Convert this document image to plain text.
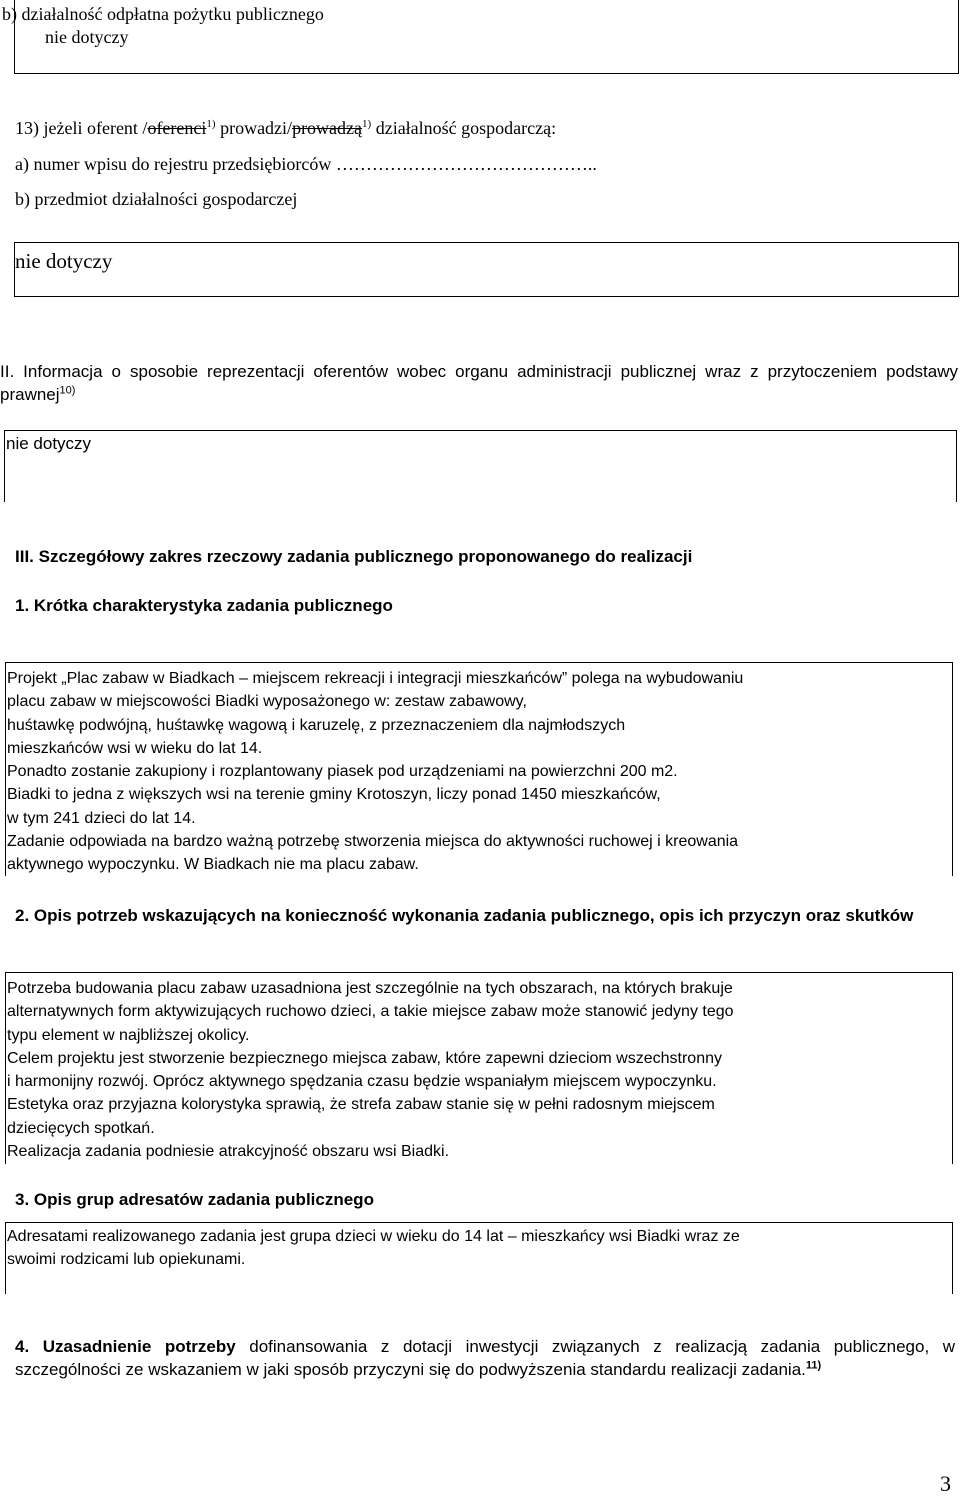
b) działalność odpłatna pożytku publicznego
nie dotyczy
13) jeżeli oferent /oferenci$^{1)}$ prowadzi/prowadzą$^{1)}$ działalność gospodarczą:
a) numer wpisu do rejestru przedsiębiorców ……………………………………..
b) przedmiot działalności gospodarczej
nie dotyczy
II. Informacja o sposobie reprezentacji oferentów wobec organu administracji publicznej wraz z przytoczeniem podstawy prawnej$^{10)}$
nie dotyczy
III. Szczegółowy zakres rzeczowy zadania publicznego proponowanego do realizacji
1. Krótka charakterystyka zadania publicznego
Projekt „Plac zabaw w Biadkach – miejscem rekreacji i integracji mieszkańców” polega na wybudowaniu
placu zabaw w miejscowości Biadki wyposażonego w: zestaw zabawowy,
huśtawkę podwójną, huśtawkę wagową i karuzelę, z przeznaczeniem dla najmłodszych
mieszkańców wsi w wieku do lat 14.
Ponadto zostanie zakupiony i rozplantowany piasek pod urządzeniami na powierzchni 200 m2.
Biadki to jedna z większych wsi na terenie gminy Krotoszyn, liczy ponad 1450 mieszkańców,
w tym 241 dzieci do lat 14.
Zadanie odpowiada na bardzo ważną potrzebę stworzenia miejsca do aktywności ruchowej i kreowania
aktywnego wypoczynku. W Biadkach nie ma placu zabaw.
2. Opis potrzeb wskazujących na konieczność wykonania zadania publicznego, opis ich przyczyn oraz skutków
Potrzeba budowania placu zabaw uzasadniona jest szczególnie na tych obszarach, na których brakuje
alternatywnych form aktywizujących ruchowo dzieci, a takie miejsce zabaw może stanowić jedyny tego
typu element w najbliższej okolicy.
Celem projektu jest stworzenie bezpiecznego miejsca zabaw, które zapewni dzieciom wszechstronny
i harmonijny rozwój. Oprócz aktywnego spędzania czasu będzie wspaniałym miejscem wypoczynku.
Estetyka oraz przyjazna kolorystyka sprawią, że strefa zabaw stanie się w pełni radosnym miejscem
dziecięcych spotkań.
Realizacja zadania podniesie atrakcyjność obszaru wsi Biadki.
3. Opis grup adresatów zadania publicznego
Adresatami realizowanego zadania jest grupa dzieci w wieku do 14 lat – mieszkańcy wsi Biadki wraz ze
swoimi rodzicami lub opiekunami.
4. Uzasadnienie potrzeby dofinansowania z dotacji inwestycji związanych z realizacją zadania publicznego, w szczególności ze wskazaniem w jaki sposób przyczyni się do podwyższenia standardu realizacji zadania.$^{11)}$
3
